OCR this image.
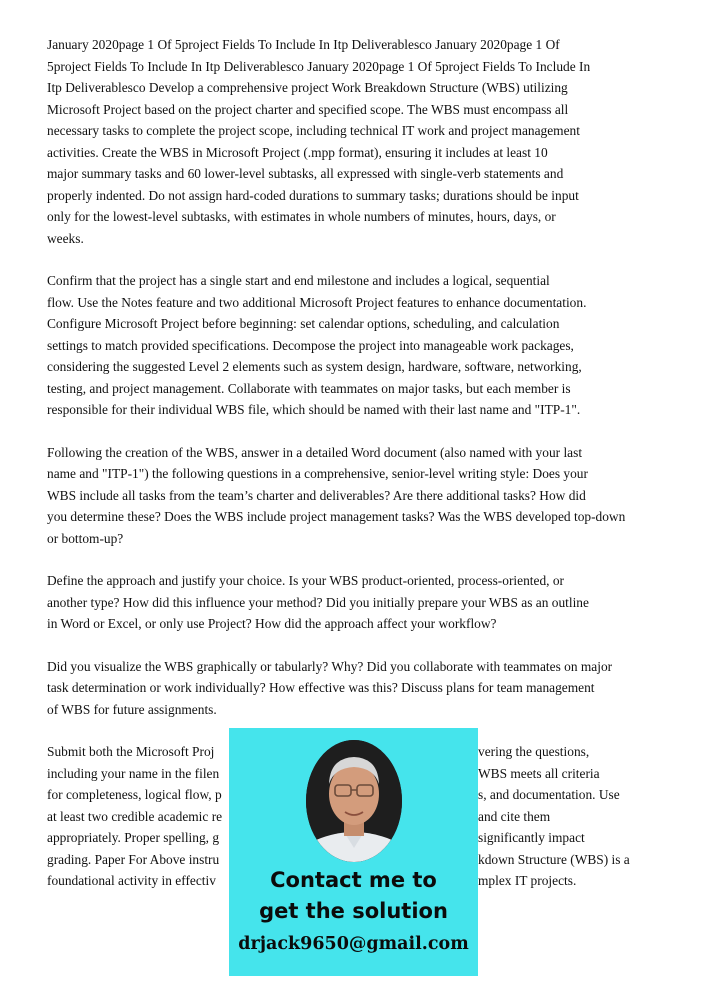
January 2020page 1 Of 5project Fields To Include In Itp Deliverablesco January 2020page 1 Of
5project Fields To Include In Itp Deliverablesco January 2020page 1 Of 5project Fields To Include In
Itp Deliverablesco Develop a comprehensive project Work Breakdown Structure (WBS) utilizing
Microsoft Project based on the project charter and specified scope. The WBS must encompass all
necessary tasks to complete the project scope, including technical IT work and project management
activities. Create the WBS in Microsoft Project (.mpp format), ensuring it includes at least 10
major summary tasks and 60 lower-level subtasks, all expressed with single-verb statements and
properly indented. Do not assign hard-coded durations to summary tasks; durations should be input
only for the lowest-level subtasks, with estimates in whole numbers of minutes, hours, days, or
weeks.
Confirm that the project has a single start and end milestone and includes a logical, sequential
flow. Use the Notes feature and two additional Microsoft Project features to enhance documentation.
Configure Microsoft Project before beginning: set calendar options, scheduling, and calculation
settings to match provided specifications. Decompose the project into manageable work packages,
considering the suggested Level 2 elements such as system design, hardware, software, networking,
testing, and project management. Collaborate with teammates on major tasks, but each member is
responsible for their individual WBS file, which should be named with their last name and "ITP-1".
Following the creation of the WBS, answer in a detailed Word document (also named with your last
name and "ITP-1") the following questions in a comprehensive, senior-level writing style: Does your
WBS include all tasks from the team’s charter and deliverables? Are there additional tasks? How did
you determine these? Does the WBS include project management tasks? Was the WBS developed top-down
or bottom-up?
Define the approach and justify your choice. Is your WBS product-oriented, process-oriented, or
another type? How did this influence your method? Did you initially prepare your WBS as an outline
in Word or Excel, or only use Project? How did the approach affect your workflow?
Did you visualize the WBS graphically or tabularly? Why? Did you collaborate with teammates on major
task determination or work individually? How effective was this? Discuss plans for team management
of WBS for future assignments.
Submit both the Microsoft Proj
including your name in the filen
for completeness, logical flow, p
at least two credible academic re
appropriately. Proper spelling, g
grading. Paper For Above instru
foundational activity in effectiv
vering the questions,
WBS meets all criteria
s, and documentation. Use
and cite them
significantly impact
kdown Structure (WBS) is a
mplex IT projects.
Contact me to
get the solution
drjack9650@gmail.com
